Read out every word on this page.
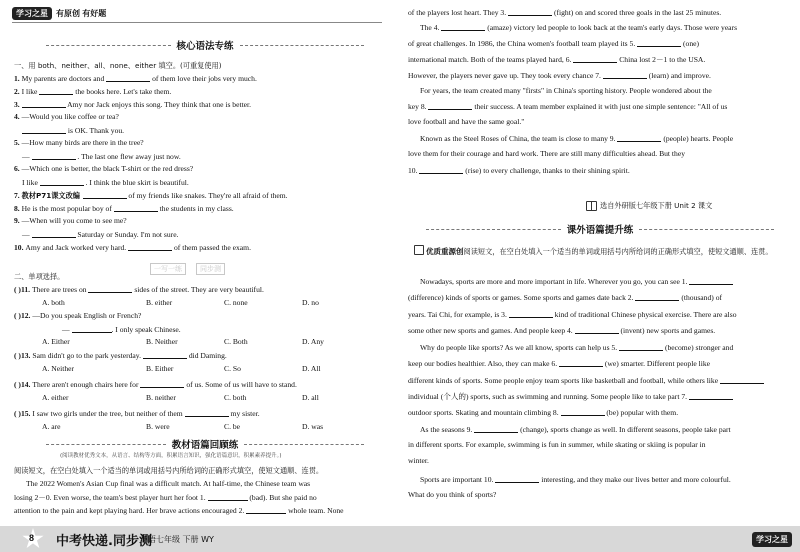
学习之星	有原创 有好题
核心语法专练
一、用 both、neither、all、none、either 填空。(可重复使用)
1. My parents are doctors and	of them love their jobs very much.
2. I like	the books here. Let's take them.
3.	Amy nor Jack enjoys this song. They think that one is better.
4. —Would you like coffee or tea?
is OK. Thank you.
5. —How many birds are there in the tree?
—	. The last one flew away just now.
6. —Which one is better, the black T-shirt or the red dress?
I like	. I think the blue skirt is beautiful.
7. 教材P71课文改编	of my friends like snakes. They're all afraid of them.
8. He is the most popular boy of	the students in my class.
9. —When will you come to see me?
—	Saturday or Sunday. I'm not sure.
10. Amy and Jack worked very hard.	of them passed the exam.
二、单项选择。
( )11. There are trees on	sides of the street. They are very beautiful.
A. both	B. either	C. none	D. no
( )12. —Do you speak English or French?
—	. I only speak Chinese.
A. Either	B. Neither	C. Both	D. Any
( )13. Sam didn't go to the park yesterday.	did Daming.
A. Neither	B. Either	C. So	D. All
( )14. There aren't enough chairs here for	of us. Some of us will have to stand.
A. either	B. neither	C. both	D. all
( )15. I saw two girls under the tree, but neither of them	my sister.
A. are	B. were	C. be	D. was
教材语篇回顾练
(阅读教材优秀文本，从语言、结构等方面，积累语言知识，强化语篇意识，积累素养提升。)
阅读短文，在空白处填入一个适当的单词或用括号内所给词的正确形式填空，使短文通顺、连贯。
The 2022 Women's Asian Cup final was a difficult match. At half-time, the Chinese team was
losing 2－0. Even worse, the team's best player hurt her foot 1.	(bad). But she paid no
attention to the pain and kept playing hard. Her brave actions encouraged 2.	whole team. None
一写一练	同步测
of the players lost heart. They 3.	(fight) on and scored three goals in the last 25 minutes.
The 4.	(amaze) victory led people to look back at the team's early days. Those were years
of great challenges. In 1986, the China women's football team played its 5.	(one)
international match. Both of the teams played hard, 6.	China lost 2－1 to the USA.
However, the players never gave up. They took every chance 7.	(learn) and improve.
For years, the team created many "firsts" in China's sporting history. People wondered about the
key 8.	their success. A team member explained it with just one simple sentence: "All of us
love football and have the same goal."
Known as the Steel Roses of China, the team is close to many 9.	(people) hearts. People
love them for their courage and hard work. There are still many difficulties ahead. But they
10.	(rise) to every challenge, thanks to their shining spirit.
选自外研版七年级下册 Unit 2 课文
课外语篇提升练
优质重源创阅读短文，在空白处填入一个适当的单词或用括号内所给词的正确形式填空，使短文通顺、连贯。
Nowadays, sports are more and more important in life. Wherever you go, you can see 1.
(difference) kinds of sports or games. Some sports and games date back 2.	(thousand) of
years. Tai Chi, for example, is 3.	kind of traditional Chinese physical exercise. There are also
some other new sports and games. And people keep 4.	(invent) new sports and games.
Why do people like sports? As we all know, sports can help us 5.	(become) stronger and
keep our bodies healthier. Also, they can make 6.	(we) smarter. Different people like
different kinds of sports. Some people enjoy team sports like basketball and football, while others like
individual (个人的) sports, such as swimming and running. Some people like to take part 7.
outdoor sports. Skating and mountain climbing 8.	(be) popular with them.
As the seasons 9.	(change), sports change as well. In different seasons, people take part
in different sports. For example, swimming is fun in summer, while skating or skiing is popular in
winter.
Sports are important 10.	interesting, and they make our lives better and more colourful.
What do you think of sports?
8 中考快递.同步测
英语七年级 下册 WY	学习之星
